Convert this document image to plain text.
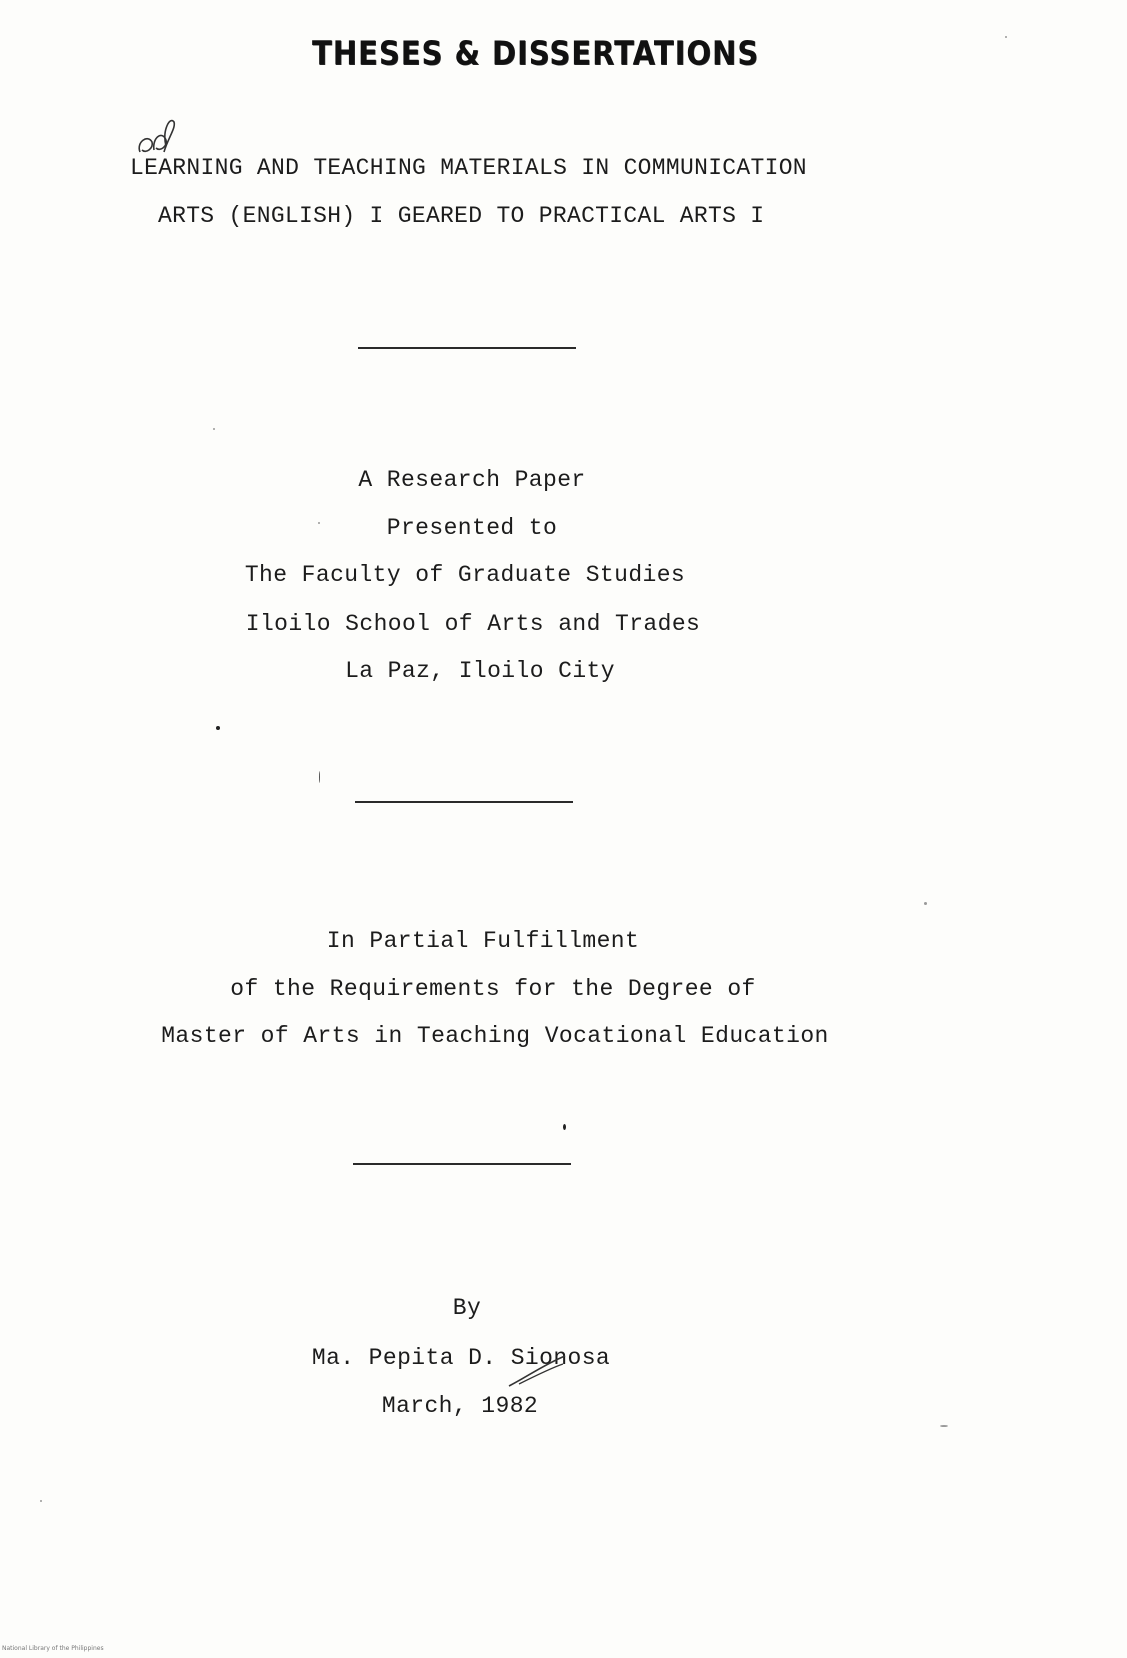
THESES & DISSERTATIONS
LEARNING AND TEACHING MATERIALS IN COMMUNICATION
ARTS (ENGLISH) I GEARED TO PRACTICAL ARTS I
A Research Paper
Presented to
The Faculty of Graduate Studies
Iloilo School of Arts and Trades
La Paz, Iloilo City
In Partial Fulfillment
of the Requirements for the Degree of
Master of Arts in Teaching Vocational Education
By
Ma. Pepita D. Sionosa
March, 1982
National Library of the Philippines
